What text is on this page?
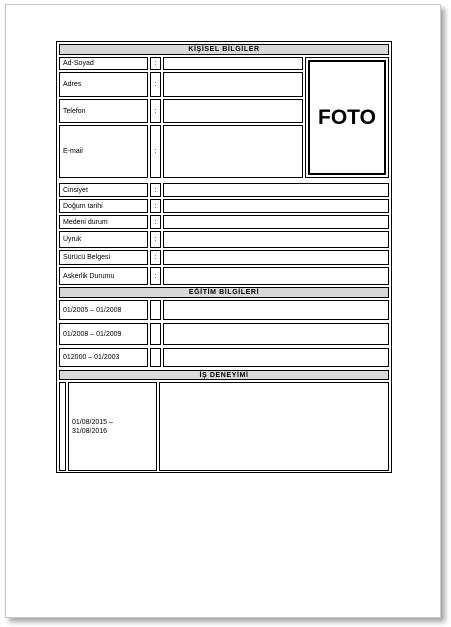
KİŞİSEL BİLGİLER
Ad-Soyad	:
Adres	:
Telefon	:
E-mail	:
FOTO
Cinsiyet	:
Doğum tarihi	:
Medeni durum	:
Uyruk	:
Sürücü Belgesi	:
Askerlik Durumu	:
EĞİTİM BİLGİLERİ
01/2005 – 01/2008
01/2008 – 01/2009
012000 – 01/2003
İŞ DENEYİMİ
01/08/2015 –
31/08/2016
